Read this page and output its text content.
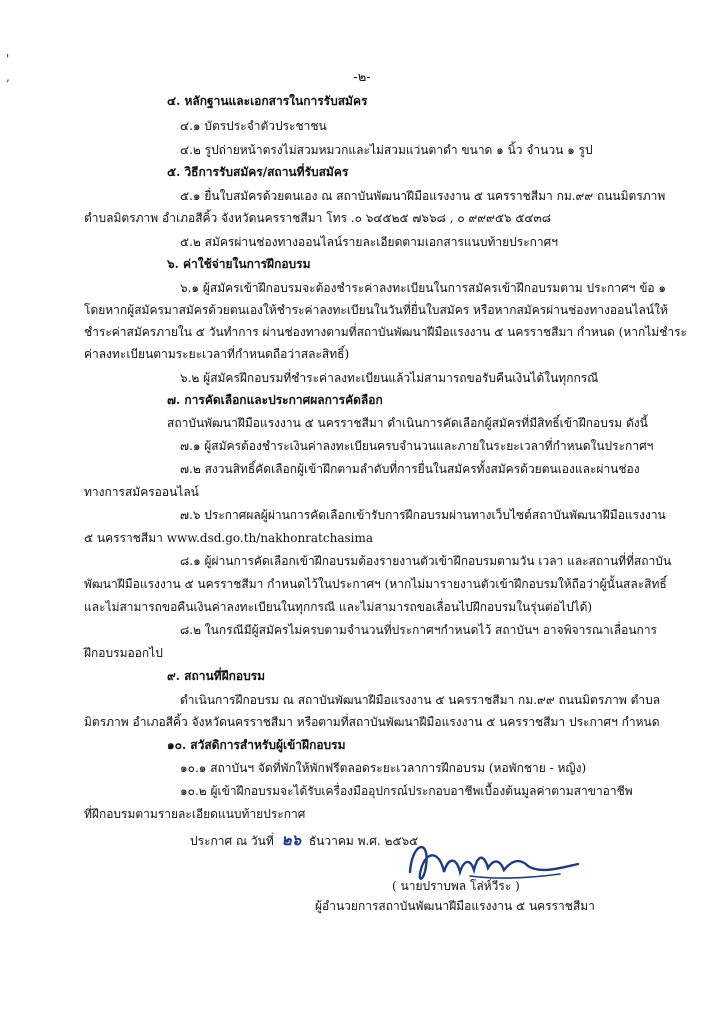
'
,	-๒-
๔. หลักฐานและเอกสารในการรับสมัคร
๔.๑ บัตรประจำตัวประชาชน
๔.๒ รูปถ่ายหน้าตรงไม่สวมหมวกและไม่สวมแว่นตาดำ ขนาด ๑ นิ้ว จำนวน ๑ รูป
๕. วิธีการรับสมัคร/สถานที่รับสมัคร
๕.๑ ยื่นใบสมัครด้วยตนเอง ณ สถาบันพัฒนาฝีมือแรงงาน ๕ นครราชสีมา กม.๙๙ ถนนมิตรภาพ
ตำบลมิตรภาพ อำเภอสีคิ้ว จังหวัดนครราชสีมา โทร .๐ ๖๔๕๒๕ ๗๖๖๘ , ๐ ๙๙๙๕๖ ๕๔๓๘
๕.๒ สมัครผ่านช่องทางออนไลน์รายละเอียดตามเอกสารแนบท้ายประกาศฯ
๖. ค่าใช้จ่ายในการฝึกอบรม
๖.๑ ผู้สมัครเข้าฝึกอบรมจะต้องชำระค่าลงทะเบียนในการสมัครเข้าฝึกอบรมตาม ประกาศฯ ข้อ ๑
โดยหากผู้สมัครมาสมัครด้วยตนเองให้ชำระค่าลงทะเบียนในวันที่ยื่นใบสมัคร หรือหากสมัครผ่านช่องทางออนไลน์ให้
ชำระค่าสมัครภายใน ๕ วันทำการ ผ่านช่องทางตามที่สถาบันพัฒนาฝีมือแรงงาน ๕ นครราชสีมา กำหนด (หากไม่ชำระ
ค่าลงทะเบียนตามระยะเวลาที่กำหนดถือว่าสละสิทธิ์)
๖.๒ ผู้สมัครฝึกอบรมที่ชำระค่าลงทะเบียนแล้วไม่สามารถขอรับคืนเงินได้ในทุกกรณี
๗. การคัดเลือกและประกาศผลการคัดลือก
สถาบันพัฒนาฝีมือแรงงาน ๕ นครราชสีมา ดำเนินการคัดเลือกผู้สมัครที่มีสิทธิ์เข้าฝึกอบรม ดังนี้
๗.๑ ผู้สมัครต้องชำระเงินค่าลงทะเบียนครบจำนวนและภายในระยะเวลาที่กำหนดในประกาศฯ
๗.๒ สงวนสิทธิ์คัดเลือกผู้เข้าฝึกตามลำดับที่การยื่นในสมัครทั้งสมัครด้วยตนเองและผ่านช่อง
ทางการสมัครออนไลน์
๗.๖ ประกาศผลผู้ผ่านการคัดเลือกเข้ารับการฝึกอบรมผ่านทางเว็บไซต์สถาบันพัฒนาฝีมือแรงงาน
๕ นครราชสีมา www.dsd.go.th/nakhonratchasima
๘.๑ ผู้ผ่านการคัดเลือกเข้าฝึกอบรมต้องรายงานตัวเข้าฝึกอบรมตามวัน เวลา และสถานที่ที่สถาบัน
พัฒนาฝีมือแรงงาน ๕ นครราชสีมา กำหนดไว้ในประกาศฯ (หากไม่มารายงานตัวเข้าฝึกอบรมให้ถือว่าผู้นั้นสละสิทธิ์
และไม่สามารถขอคืนเงินค่าลงทะเบียนในทุกกรณี และไม่สามารถขอเลื่อนไปฝึกอบรมในรุ่นต่อไปได้)
๘.๒ ในกรณีมีผู้สมัครไม่ครบตามจำนวนที่ประกาศฯกำหนดไว้ สถาบันฯ อาจพิจารณาเลื่อนการ
ฝึกอบรมออกไป
๙. สถานที่ฝึกอบรม
ดำเนินการฝึกอบรม ณ สถาบันพัฒนาฝีมือแรงงาน ๕ นครราชสีมา กม.๙๙ ถนนมิตรภาพ ตำบล
มิตรภาพ อำเภอสีคิ้ว จังหวัดนครราชสีมา หรือตามที่สถาบันพัฒนาฝีมือแรงงาน ๕ นครราชสีมา ประกาศฯ กำหนด
๑๐. สวัสดิการสำหรับผู้เข้าฝึกอบรม
๑๐.๑ สถาบันฯ จัดที่พักให้พักฟรีตลอดระยะเวลาการฝึกอบรม (หอพักชาย - หญิง)
๑๐.๒ ผู้เข้าฝึกอบรมจะได้รับเครื่องมืออุปกรณ์ประกอบอาชีพเบื้องต้นมูลค่าตามสาขาอาชีพ
ที่ฝึกอบรมตามรายละเอียดแนบท้ายประกาศ
ประกาศ ณ วันที่ ๒๖ ธันวาคม พ.ศ. ๒๕๖๕
( นายปราบพล โล่ห์วีระ )
ผู้อำนวยการสถาบันพัฒนาฝีมือแรงงาน ๕ นครราชสีมา
